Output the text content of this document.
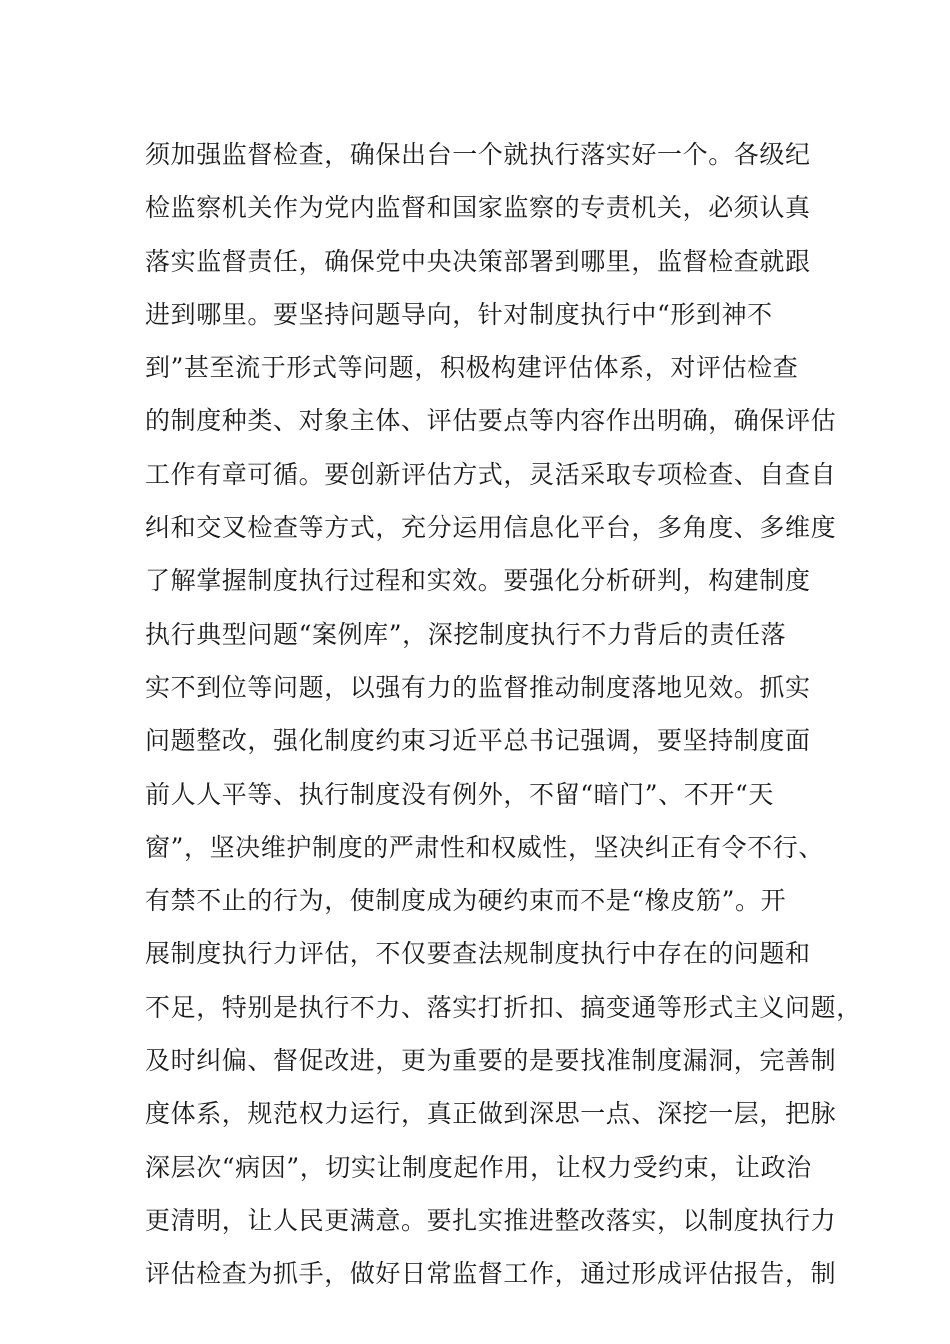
须加强监督检查，确保出台一个就执行落实好一个。各级纪
检监察机关作为党内监督和国家监察的专责机关，必须认真
落实监督责任，确保党中央决策部署到哪里，监督检查就跟
进到哪里。要坚持问题导向，针对制度执行中“形到神不
到”甚至流于形式等问题，积极构建评估体系，对评估检查
的制度种类、对象主体、评估要点等内容作出明确，确保评估
工作有章可循。要创新评估方式，灵活采取专项检查、自查自
纠和交叉检查等方式，充分运用信息化平台，多角度、多维度
了解掌握制度执行过程和实效。要强化分析研判，构建制度
执行典型问题“案例库”，深挖制度执行不力背后的责任落
实不到位等问题，以强有力的监督推动制度落地见效。抓实
问题整改，强化制度约束习近平总书记强调，要坚持制度面
前人人平等、执行制度没有例外，不留“暗门”、不开“天
窗”，坚决维护制度的严肃性和权威性，坚决纠正有令不行、
有禁不止的行为，使制度成为硬约束而不是“橡皮筋”。开
展制度执行力评估，不仅要查法规制度执行中存在的问题和
不足，特别是执行不力、落实打折扣、搞变通等形式主义问题，
及时纠偏、督促改进，更为重要的是要找准制度漏洞，完善制
度体系，规范权力运行，真正做到深思一点、深挖一层，把脉
深层次“病因”，切实让制度起作用，让权力受约束，让政治
更清明，让人民更满意。要扎实推进整改落实，以制度执行力
评估检查为抓手，做好日常监督工作，通过形成评估报告，制
